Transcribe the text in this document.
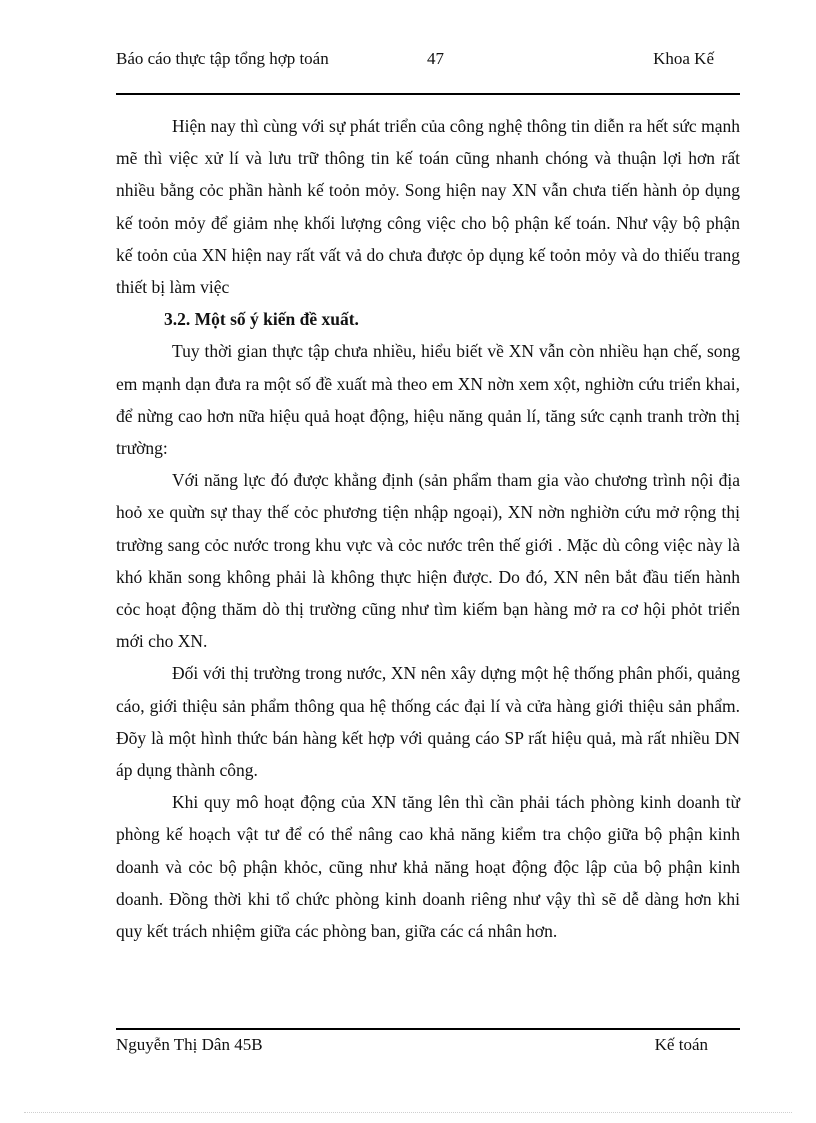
Báo cáo thực tập tổng hợp toán	47	Khoa Kế

Hiện nay thì cùng với sự phát triển của công nghệ thông tin diễn ra hết sức mạnh mẽ thì việc xử lí và lưu trữ thông tin kế toán cũng nhanh chóng và thuận lợi hơn rất nhiều bằng cỏc phần hành kế toỏn mỏy. Song hiện nay XN vẫn chưa tiến hành ỏp dụng kế toỏn mỏy để giảm nhẹ khối lượng công việc cho bộ phận kế toán. Như vậy bộ phận kế toỏn của XN hiện nay rất vất vả do chưa được ỏp dụng kế toỏn mỏy và do thiếu trang thiết bị làm việc

3.2. Một số ý kiến đề xuất.

Tuy thời gian thực tập chưa nhiều, hiểu biết về XN vẫn còn nhiều hạn chế, song em mạnh dạn đưa ra một số đề xuất mà theo em XN nờn xem xột, nghiờn cứu triển khai, để nừng cao hơn nữa hiệu quả hoạt động, hiệu năng quản lí, tăng sức cạnh tranh trờn thị trường:

Với năng lực đó được khẳng định (sản phẩm tham gia vào chương trình nội địa hoỏ xe quừn sự thay thế cỏc phương tiện nhập ngoại), XN nờn nghiờn cứu mở rộng thị trường sang cỏc nước trong khu vực và cỏc nước trên thế giới . Mặc dù công việc này là khó khăn song không phải là không thực hiện được. Do đó, XN nên bắt đầu tiến hành cỏc hoạt động thăm dò thị trường cũng như tìm kiếm bạn hàng mở ra cơ hội phỏt triển mới cho XN.

Đối với thị trường trong nước, XN nên xây dựng một hệ thống phân phối, quảng cáo, giới thiệu sản phẩm thông qua hệ thống các đại lí và cửa hàng giới thiệu sản phẩm. Đõy là một hình thức bán hàng kết hợp với quảng cáo SP rất hiệu quả, mà rất nhiều DN áp dụng thành công.

Khi quy mô hoạt động của XN tăng lên thì cần phải tách phòng kinh doanh từ phòng kế hoạch vật tư để có thể nâng cao khả năng kiểm tra chộo giữa bộ phận kinh doanh và cỏc bộ phận khỏc, cũng như khả năng hoạt động độc lập của bộ phận kinh doanh. Đồng thời khi tổ chức phòng kinh doanh riêng như vậy thì sẽ dễ dàng hơn khi quy kết trách nhiệm giữa các phòng ban, giữa các cá nhân hơn.

Nguyễn Thị Dân 45B	Kế toán
